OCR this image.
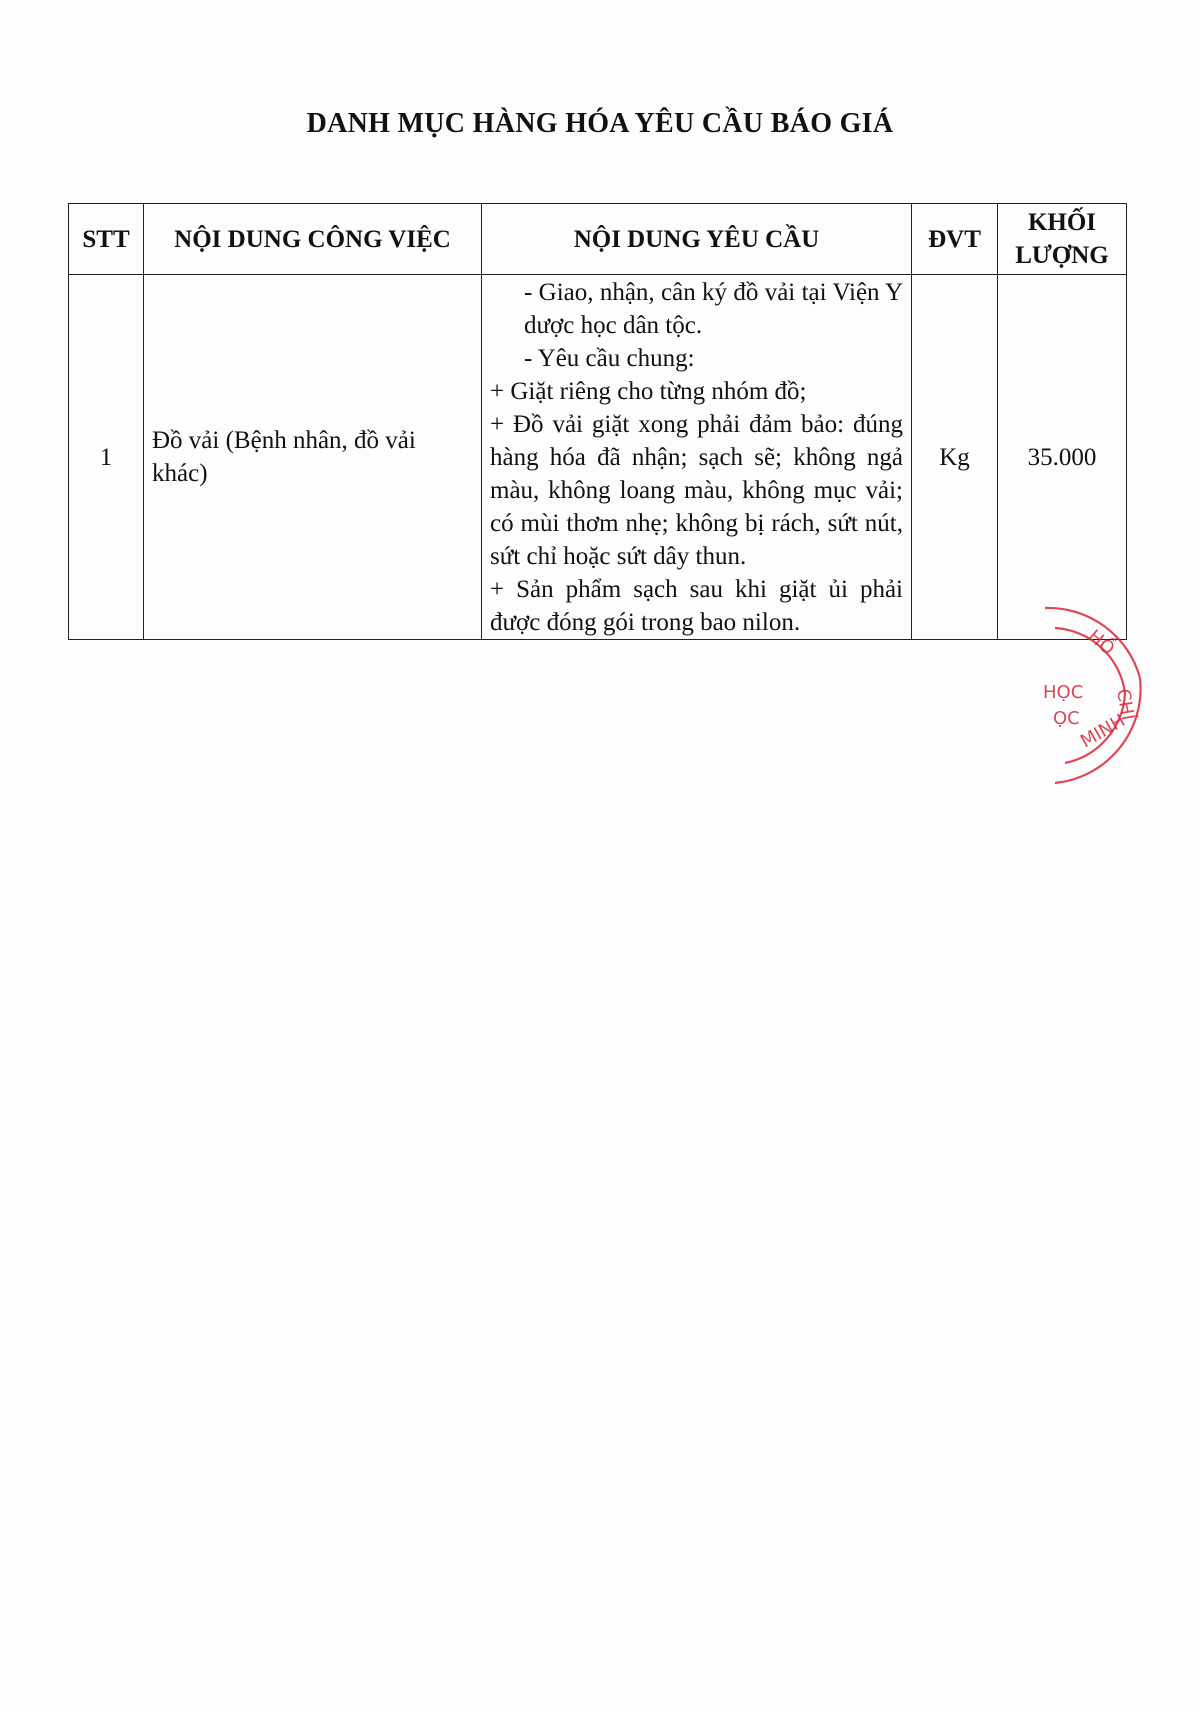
DANH MỤC HÀNG HÓA YÊU CẦU BÁO GIÁ
STT	NỘI DUNG CÔNG VIỆC	NỘI DUNG YÊU CẦU	ĐVT	KHỐI LƯỢNG
1	Đồ vải (Bệnh nhân, đồ vải khác)	- Giao, nhận, cân ký đồ vải tại Viện Y dược học dân tộc.
- Yêu cầu chung:
+ Giặt riêng cho từng nhóm đồ;
+ Đồ vải giặt xong phải đảm bảo: đúng hàng hóa đã nhận; sạch sẽ; không ngả màu, không loang màu, không mục vải; có mùi thơm nhẹ; không bị rách, sứt nút, sứt chỉ hoặc sứt dây thun.
+ Sản phẩm sạch sau khi giặt ủi phải được đóng gói trong bao nilon.	Kg	35.000
HỌC
ỌC
HỒ
CHÍ
MINH
